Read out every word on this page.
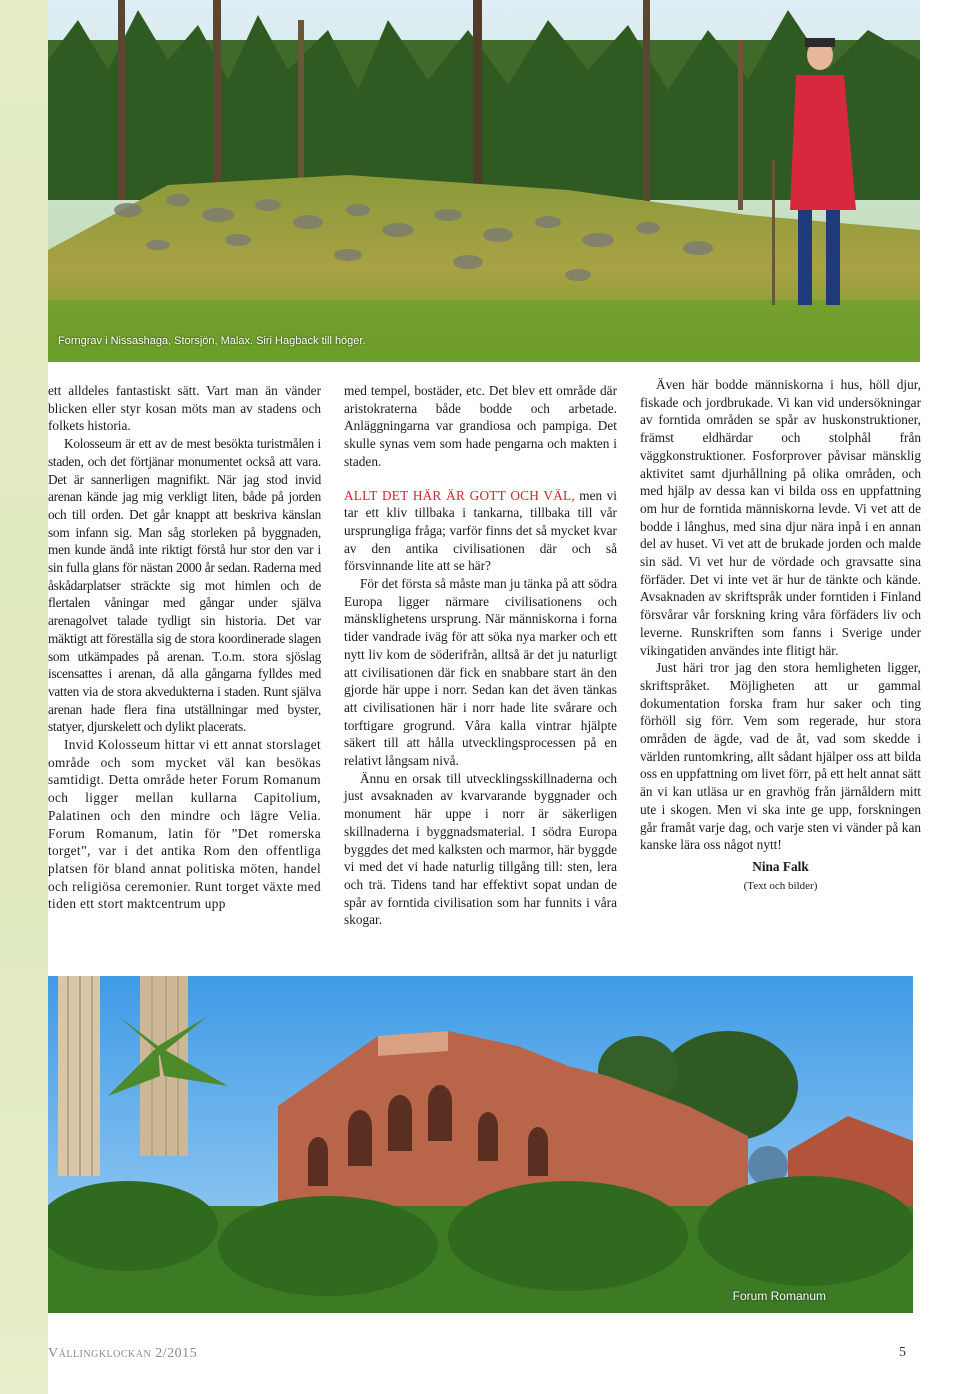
Forngrav i Nissashaga, Storsjön, Malax. Siri Hagback till höger.

ett alldeles fantastiskt sätt. Vart man än vänder blicken eller styr kosan möts man av stadens och folkets historia.

Kolosseum är ett av de mest besökta turistmålen i staden, och det förtjänar monumentet också att vara. Det är sannerligen magnifikt. När jag stod invid arenan kände jag mig verkligt liten, både på jorden och till orden. Det går knappt att beskriva känslan som infann sig. Man såg storleken på byggnaden, men kunde ändå inte riktigt förstå hur stor den var i sin fulla glans för nästan 2000 år sedan. Raderna med åskådarplatser sträckte sig mot himlen och de flertalen våningar med gångar under själva arenagolvet talade tydligt sin historia. Det var mäktigt att föreställa sig de stora koordinerade slagen som utkämpades på arenan. T.o.m. stora sjöslag iscensattes i arenan, då alla gångarna fylldes med vatten via de stora akvedukterna i staden. Runt själva arenan hade flera fina utställningar med byster, statyer, djurskelett och dylikt placerats.

Invid Kolosseum hittar vi ett annat storslaget område och som mycket väl kan besökas samtidigt. Detta område heter Forum Romanum och ligger mellan kullarna Capitolium, Palatinen och den mindre och lägre Velia. Forum Romanum, latin för ”Det romerska torget”, var i det antika Rom den offentliga platsen för bland annat politiska möten, handel och religiösa ceremonier. Runt torget växte med tiden ett stort maktcentrum upp

med tempel, bostäder, etc. Det blev ett område där aristokraterna både bodde och arbetade. Anläggningarna var grandiosa och pampiga. Det skulle synas vem som hade pengarna och makten i staden.

ALLT DET HÄR ÄR GOTT OCH VÄL, men vi tar ett kliv tillbaka i tankarna, tillbaka till vår ursprungliga fråga; varför finns det så mycket kvar av den antika civilisationen där och så försvinnande lite att se här?

För det första så måste man ju tänka på att södra Europa ligger närmare civilisationens och mänsklighetens ursprung. När människorna i forna tider vandrade iväg för att söka nya marker och ett nytt liv kom de söderifrån, alltså är det ju naturligt att civilisationen där fick en snabbare start än den gjorde här uppe i norr. Sedan kan det även tänkas att civilisationen här i norr hade lite svårare och torftigare grogrund. Våra kalla vintrar hjälpte säkert till att hålla utvecklingsprocessen på en relativt långsam nivå.

Ännu en orsak till utvecklingsskillnaderna och just avsaknaden av kvarvarande byggnader och monument här uppe i norr är säkerligen skillnaderna i byggnadsmaterial. I södra Europa byggdes det med kalksten och marmor, här byggde vi med det vi hade naturlig tillgång till: sten, lera och trä. Tidens tand har effektivt sopat undan de spår av forntida civilisation som har funnits i våra skogar.

Även här bodde människorna i hus, höll djur, fiskade och jordbrukade. Vi kan vid undersökningar av forntida områden se spår av huskonstruktioner, främst eldhärdar och stolphål från väggkonstruktioner. Fosforprover påvisar mänsklig aktivitet samt djurhållning på olika områden, och med hjälp av dessa kan vi bilda oss en uppfattning om hur de forntida människorna levde. Vi vet att de bodde i långhus, med sina djur nära inpå i en annan del av huset. Vi vet att de brukade jorden och malde sin säd. Vi vet hur de vördade och gravsatte sina förfäder. Det vi inte vet är hur de tänkte och kände. Avsaknaden av skriftspråk under forntiden i Finland försvårar vår forskning kring våra förfäders liv och leverne. Runskriften som fanns i Sverige under vikingatiden användes inte flitigt här.

Just häri tror jag den stora hemligheten ligger, skriftspråket. Möjligheten att ur gammal dokumentation forska fram hur saker och ting förhöll sig förr. Vem som regerade, hur stora områden de ägde, vad de åt, vad som skedde i världen runtomkring, allt sådant hjälper oss att bilda oss en uppfattning om livet förr, på ett helt annat sätt än vi kan utläsa ur en gravhög från järnåldern mitt ute i skogen. Men vi ska inte ge upp, forskningen går framåt varje dag, och varje sten vi vänder på kan kanske lära oss något nytt!

Nina Falk
(Text och bilder)
Forum Romanum
Vällingklockan 2/2015	5
